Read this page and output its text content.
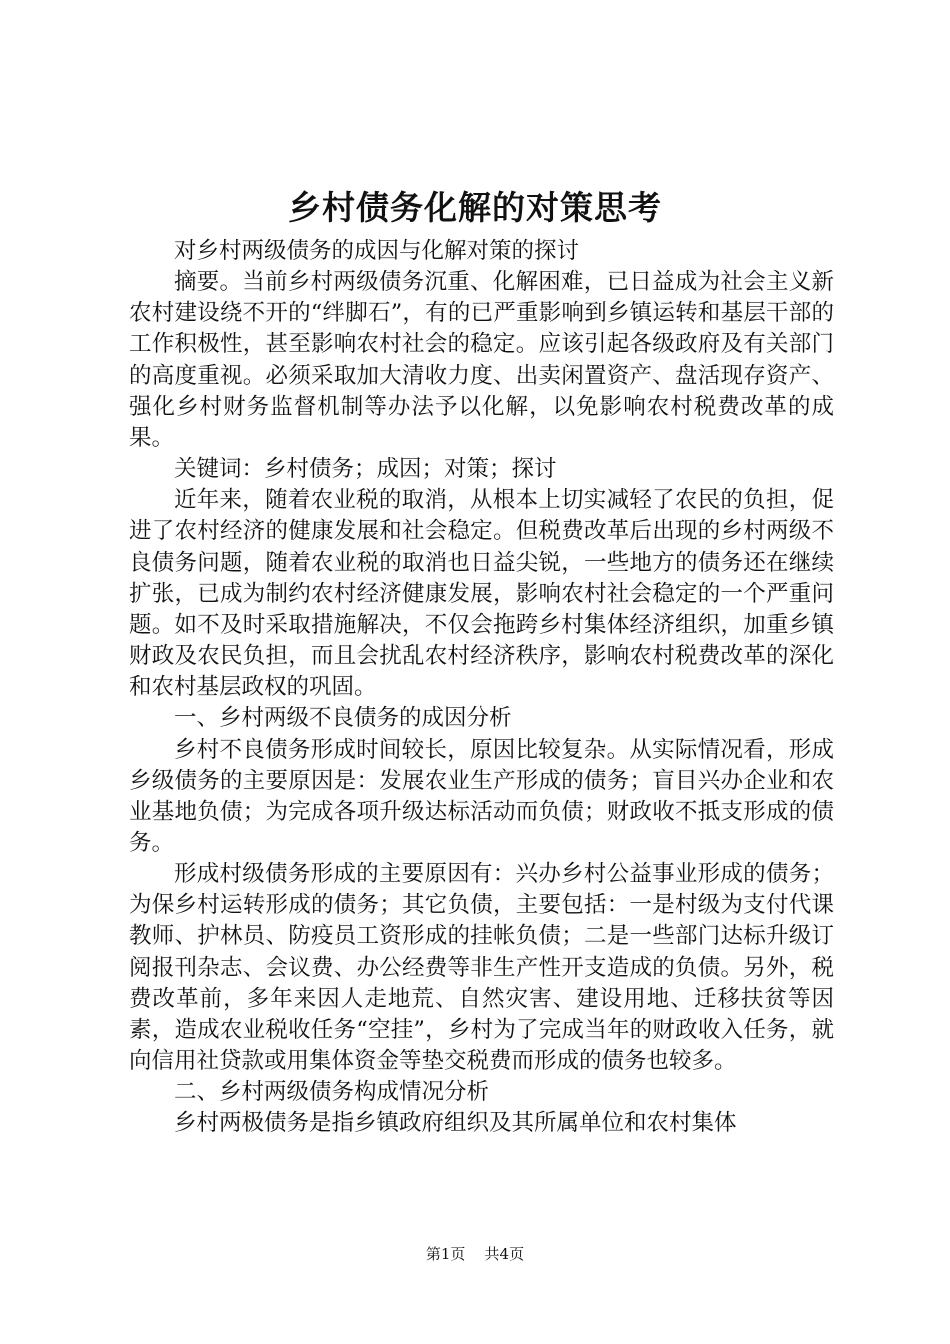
乡村债务化解的对策思考

对乡村两级债务的成因与化解对策的探讨

摘要。当前乡村两级债务沉重、化解困难，已日益成为社会主义新农村建设绕不开的“绊脚石”，有的已严重影响到乡镇运转和基层干部的工作积极性，甚至影响农村社会的稳定。应该引起各级政府及有关部门的高度重视。必须采取加大清收力度、出卖闲置资产、盘活现存资产、强化乡村财务监督机制等办法予以化解，以免影响农村税费改革的成果。

关键词：乡村债务；成因；对策；探讨

近年来，随着农业税的取消，从根本上切实减轻了农民的负担，促进了农村经济的健康发展和社会稳定。但税费改革后出现的乡村两级不良债务问题，随着农业税的取消也日益尖锐，一些地方的债务还在继续扩张，已成为制约农村经济健康发展，影响农村社会稳定的一个严重问题。如不及时采取措施解决，不仅会拖跨乡村集体经济组织，加重乡镇财政及农民负担，而且会扰乱农村经济秩序，影响农村税费改革的深化和农村基层政权的巩固。

一、乡村两级不良债务的成因分析

乡村不良债务形成时间较长，原因比较复杂。从实际情况看，形成乡级债务的主要原因是：发展农业生产形成的债务；盲目兴办企业和农业基地负债；为完成各项升级达标活动而负债；财政收不抵支形成的债务。

形成村级债务形成的主要原因有：兴办乡村公益事业形成的债务；为保乡村运转形成的债务；其它负债，主要包括：一是村级为支付代课教师、护林员、防疫员工资形成的挂帐负债；二是一些部门达标升级订阅报刊杂志、会议费、办公经费等非生产性开支造成的负债。另外，税费改革前，多年来因人走地荒、自然灾害、建设用地、迁移扶贫等因素，造成农业税收任务“空挂”，乡村为了完成当年的财政收入任务，就向信用社贷款或用集体资金等垫交税费而形成的债务也较多。

二、乡村两级债务构成情况分析

乡村两极债务是指乡镇政府组织及其所属单位和农村集体

第1页 共4页
